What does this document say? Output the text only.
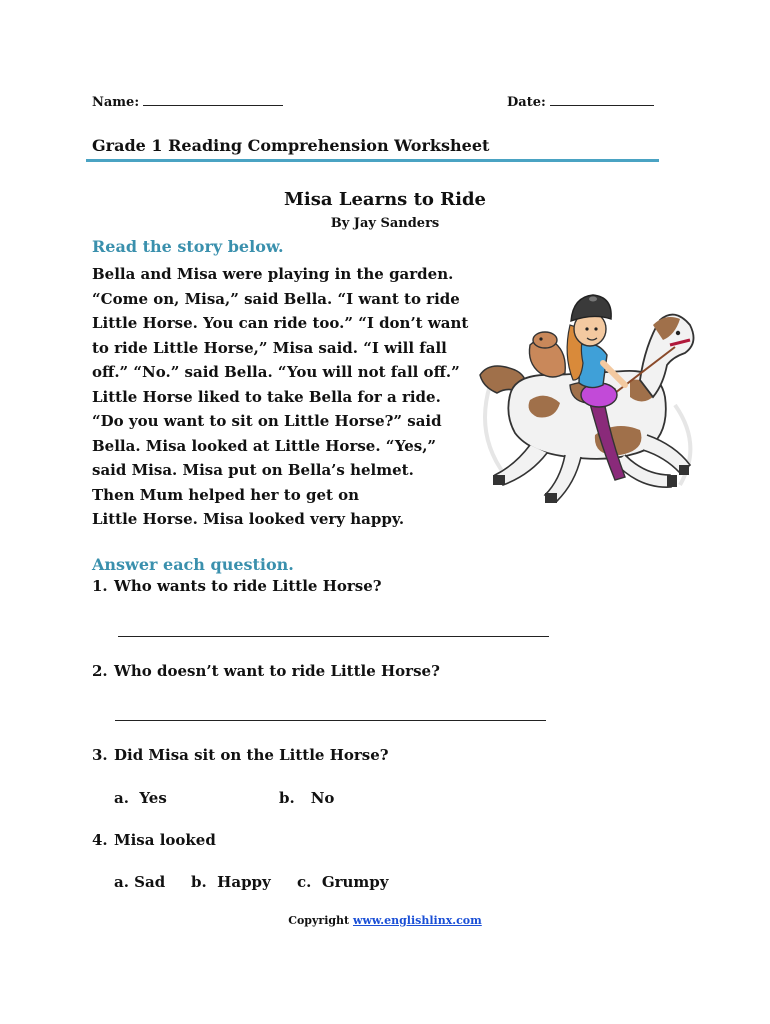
Name:	Date:
Grade 1 Reading Comprehension Worksheet
Misa Learns to Ride
By Jay Sanders
Read the story below.
Bella and Misa were playing in the garden.
“Come on, Misa,” said Bella. “I want to ride
Little Horse. You can ride too.” “I don’t want
to ride Little Horse,” Misa said. “I will fall
off.” “No.” said Bella. “You will not fall off.”
Little Horse liked to take Bella for a ride.
“Do you want to sit on Little Horse?” said
Bella. Misa looked at Little Horse. “Yes,”
said Misa. Misa put on Bella’s helmet.
Then Mum helped her to get on
Little Horse. Misa looked very happy.
Answer each question.
1. Who wants to ride Little Horse?
2. Who doesn’t want to ride Little Horse?
3. Did Misa sit on the Little Horse?
a. Yes	b. No
4. Misa looked
a. Sad b. Happy c. Grumpy
Copyright www.englishlinx.com
